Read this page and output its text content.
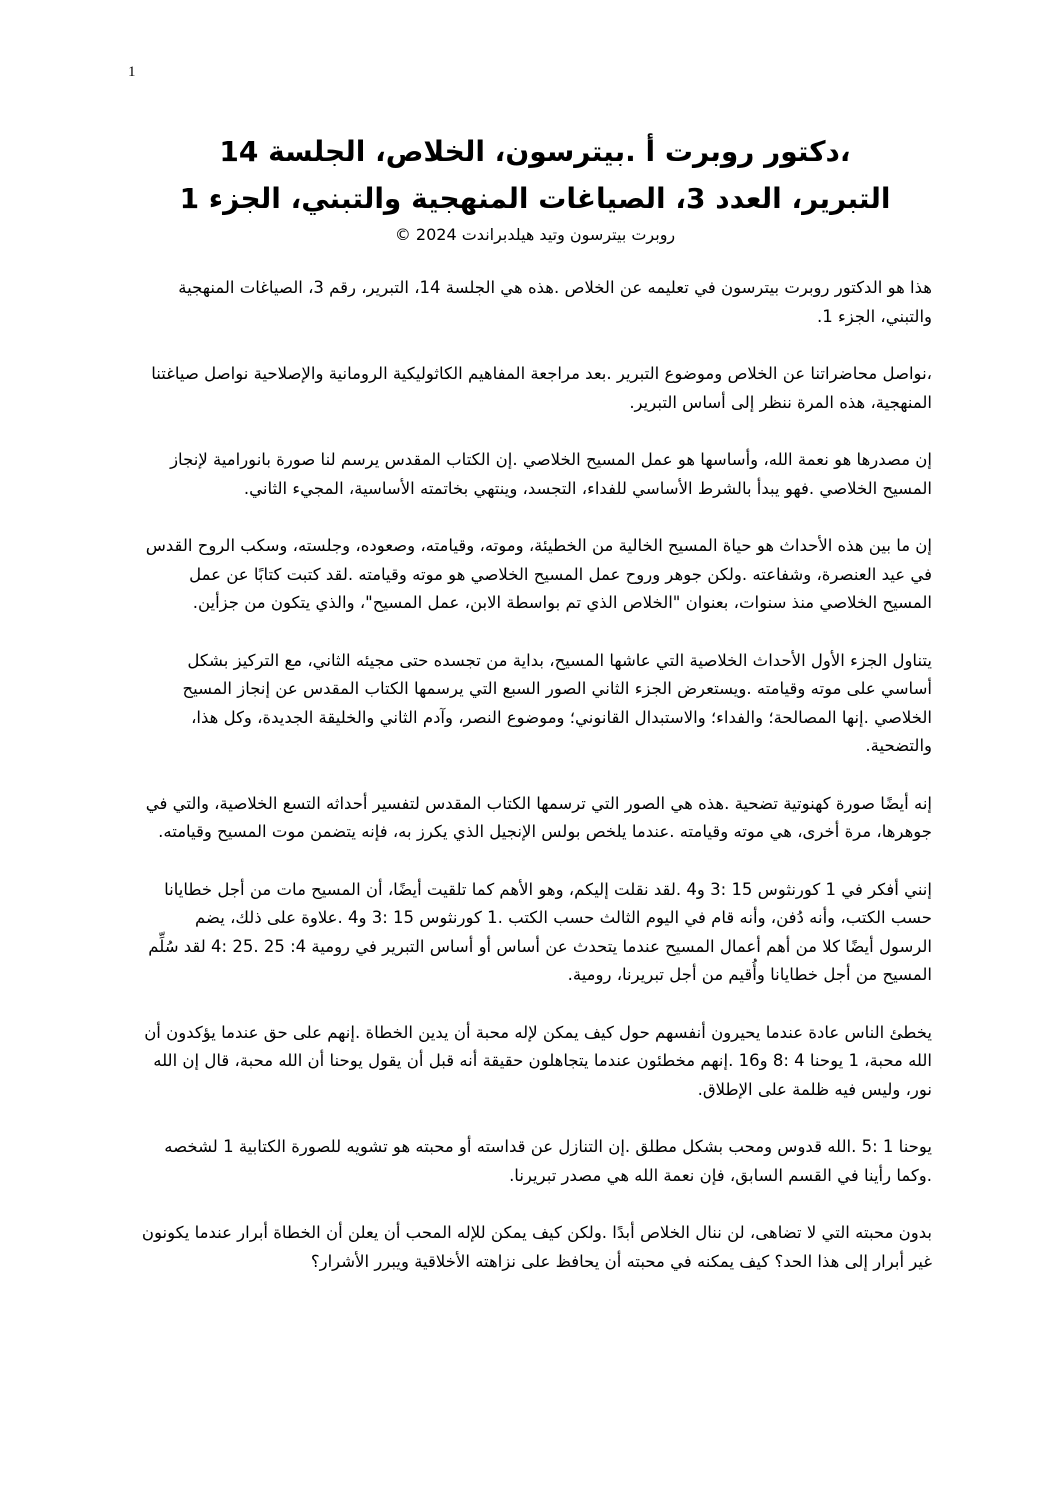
1

،دكتور روبرت أ .بيترسون، الخلاص، الجلسة 14

التبرير، العدد 3، الصياغات المنهجية والتبني، الجزء 1

روبرت بيترسون وتيد هيلدبراندت 2024 ©

هذا هو الدكتور روبرت بيترسون في تعليمه عن الخلاص .هذه هي الجلسة 14، التبرير، رقم 3، الصياغات المنهجية والتبني، الجزء 1.

،نواصل محاضراتنا عن الخلاص وموضوع التبرير .بعد مراجعة المفاهيم الكاثوليكية الرومانية والإصلاحية نواصل صياغتنا المنهجية، هذه المرة ننظر إلى أساس التبرير.

إن مصدرها هو نعمة الله، وأساسها هو عمل المسيح الخلاصي .إن الكتاب المقدس يرسم لنا صورة بانورامية لإنجاز المسيح الخلاصي .فهو يبدأ بالشرط الأساسي للفداء، التجسد، وينتهي بخاتمته الأساسية، المجيء الثاني.

إن ما بين هذه الأحداث هو حياة المسيح الخالية من الخطيئة، وموته، وقيامته، وصعوده، وجلسته، وسكب الروح القدس في عيد العنصرة، وشفاعته .ولكن جوهر وروح عمل المسيح الخلاصي هو موته وقيامته .لقد كتبت كتابًا عن عمل المسيح الخلاصي منذ سنوات، بعنوان "الخلاص الذي تم بواسطة الابن، عمل المسيح"، والذي يتكون من جزأين.

يتناول الجزء الأول الأحداث الخلاصية التي عاشها المسيح، بداية من تجسده حتى مجيئه الثاني، مع التركيز بشكل أساسي على موته وقيامته .ويستعرض الجزء الثاني الصور السبع التي يرسمها الكتاب المقدس عن إنجاز المسيح الخلاصي .إنها المصالحة؛ والفداء؛ والاستبدال القانوني؛ وموضوع النصر، وآدم الثاني والخليقة الجديدة، وكل هذا، والتضحية.

إنه أيضًا صورة كهنوتية تضحية .هذه هي الصور التي ترسمها الكتاب المقدس لتفسير أحداثه التسع الخلاصية، والتي في جوهرها، مرة أخرى، هي موته وقيامته .عندما يلخص بولس الإنجيل الذي يكرز به، فإنه يتضمن موت المسيح وقيامته.

إنني أفكر في 1 كورنثوس 15 :3 و4 .لقد نقلت إليكم، وهو الأهم كما تلقيت أيضًا، أن المسيح مات من أجل خطايانا حسب الكتب، وأنه دُفن، وأنه قام في اليوم الثالث حسب الكتب .1 كورنثوس 15 :3 و4 .علاوة على ذلك، يضم الرسول أيضًا كلا من أهم أعمال المسيح عندما يتحدث عن أساس أو أساس التبرير في رومية 4: 25 .25 :4 لقد سُلِّم المسيح من أجل خطايانا وأُقيم من أجل تبريرنا، رومية.

يخطئ الناس عادة عندما يحيرون أنفسهم حول كيف يمكن لإله محبة أن يدين الخطاة .إنهم على حق عندما يؤكدون أن الله محبة، 1 يوحنا 4 :8 و16 .إنهم مخطئون عندما يتجاهلون حقيقة أنه قبل أن يقول يوحنا أن الله محبة، قال إن الله نور، وليس فيه ظلمة على الإطلاق.

يوحنا 1 :5 .الله قدوس ومحب بشكل مطلق .إن التنازل عن قداسته أو محبته هو تشويه للصورة الكتابية 1 لشخصه .وكما رأينا في القسم السابق، فإن نعمة الله هي مصدر تبريرنا.

بدون محبته التي لا تضاهى، لن ننال الخلاص أبدًا .ولكن كيف يمكن للإله المحب أن يعلن أن الخطاة أبرار عندما يكونون غير أبرار إلى هذا الحد؟ كيف يمكنه في محبته أن يحافظ على نزاهته الأخلاقية ويبرر الأشرار؟
